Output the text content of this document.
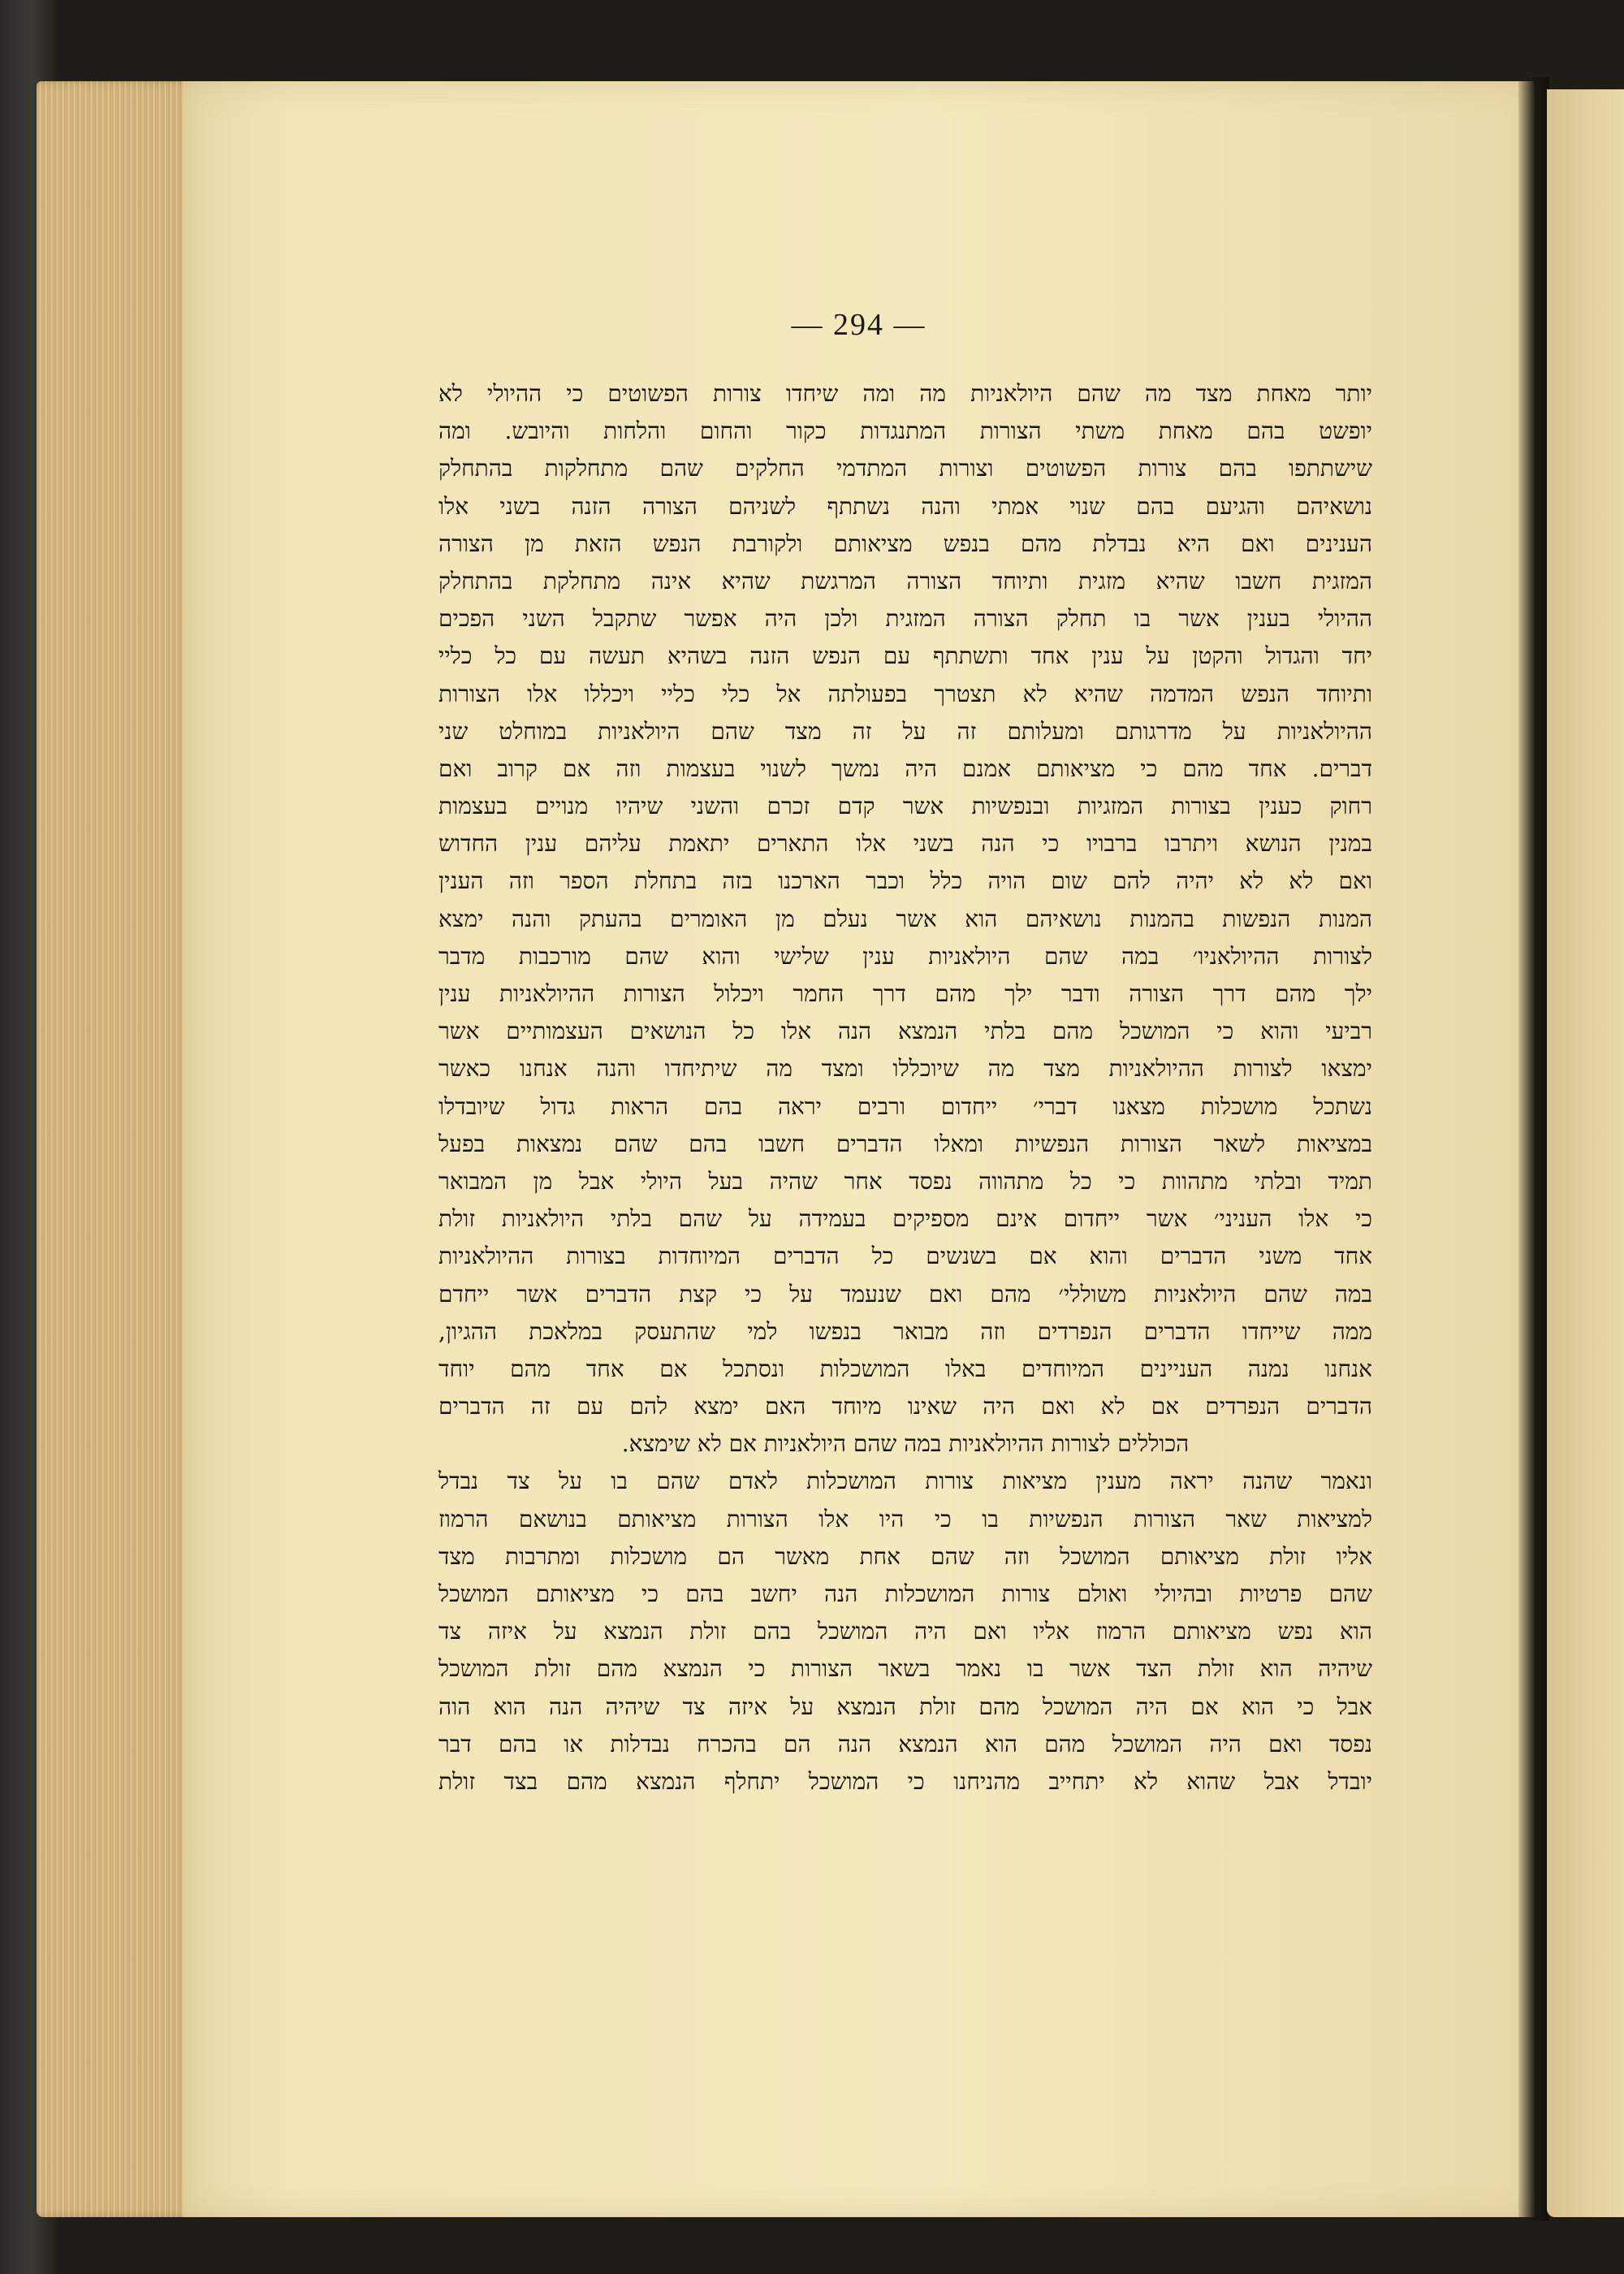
— 294 —
יותר מאחת מצד מה שהם היולאניות מה ומה שיחדו צורות הפשוטים כי ההיולי לא
יופשט בהם מאחת משתי הצורות המתנגדות כקור והחום והלחות והיובש. ומה
שישתתפו בהם צורות הפשוטים וצורות המתדמי החלקים שהם מתחלקות בהתחלק
נושאיהם והגיעם בהם שנוי אמתי והנה נשתתף לשניהם הצורה הזנה בשני אלו
הענינים ואם היא נבדלת מהם בנפש מציאותם ולקורבת הנפש הזאת מן הצורה
המזגית חשבו שהיא מזגית ותיוחד הצורה המרגשת שהיא אינה מתחלקת בהתחלק
ההיולי בענין אשר בו תחלק הצורה המזגית ולכן היה אפשר שתקבל השני הפכים
יחד והגדול והקטן על ענין אחד ותשתתף עם הנפש הזנה בשהיא תעשה עם כל כליי
ותיוחד הנפש המדמה שהיא לא תצטרך בפעולתה אל כלי כליי ויכללו אלו הצורות
ההיולאניות על מדרגותם ומעלותם זה על זה מצד שהם היולאניות במוחלט שני
דברים. אחד מהם כי מציאותם אמנם היה נמשך לשנוי בעצמות וזה אם קרוב ואם
רחוק כענין בצורות המזגיות ובנפשיות אשר קדם זכרם והשני שיהיו מנויים בעצמות
במנין הנושא ויתרבו ברבויו כי הנה בשני אלו התארים יתאמת עליהם ענין החדוש
ואם לא לא יהיה להם שום הויה כלל וכבר הארכנו בזה בתחלת הספר וזה הענין
המנות הנפשות בהמנות נושאיהם הוא אשר נעלם מן האומרים בהעתק והנה ימצא
לצורות ההיולאניו׳ במה שהם היולאניות ענין שלישי והוא שהם מורכבות מדבר
ילך מהם דרך הצורה ודבר ילך מהם דרך החמר ויכלול הצורות ההיולאניות ענין
רביעי והוא כי המושכל מהם בלתי הנמצא הנה אלו כל הנושאים העצמותיים אשר
ימצאו לצורות ההיולאניות מצד מה שיוכללו ומצד מה שיתיחדו והנה אנחנו כאשר
נשתכל מושכלות מצאנו דברי׳ ייחדום ורבים יראה בהם הראות גדול שיובדלו
במציאות לשאר הצורות הנפשיות ומאלו הדברים חשבו בהם שהם נמצאות בפעל
תמיד ובלתי מתהוות כי כל מתהווה נפסד אחר שהיה בעל היולי אבל מן המבואר
כי אלו העניני׳ אשר ייחדום אינם מספיקים בעמידה על שהם בלתי היולאניות זולת
אחד משני הדברים והוא אם בשנשים כל הדברים המיוחדות בצורות ההיולאניות
במה שהם היולאניות משוללי׳ מהם ואם שנעמד על כי קצת הדברים אשר ייחדם
ממה שייחדו הדברים הנפרדים וזה מבואר בנפשו למי שהתעסק במלאכת ההגיון,
אנחנו נמנה העניינים המיוחדים באלו המושכלות ונסתכל אם אחד מהם יוחד
הדברים הנפרדים אם לא ואם היה שאינו מיוחד האם ימצא להם עם זה הדברים
הכוללים לצורות ההיולאניות במה שהם היולאניות אם לא שימצא.
ונאמר שהנה יראה מענין מציאות צורות המושכלות לאדם שהם בו על צד נבדל
למציאות שאר הצורות הנפשיות בו כי היו אלו הצורות מציאותם בנושאם הרמוז
אליו זולת מציאותם המושכל וזה שהם אחת מאשר הם מושכלות ומתרבות מצד
שהם פרטיות ובהיולי ואולם צורות המושכלות הנה יחשב בהם כי מציאותם המושכל
הוא נפש מציאותם הרמוז אליו ואם היה המושכל בהם זולת הנמצא על איזה צד
שיהיה הוא זולת הצד אשר בו נאמר בשאר הצורות כי הנמצא מהם זולת המושכל
אבל כי הוא אם היה המושכל מהם זולת הנמצא על איזה צד שיהיה הנה הוא הוה
נפסד ואם היה המושכל מהם הוא הנמצא הנה הם בהכרח נבדלות או בהם דבר
יובדל אבל שהוא לא יתחייב מהניחנו כי המושכל יתחלף הנמצא מהם בצד זולת
